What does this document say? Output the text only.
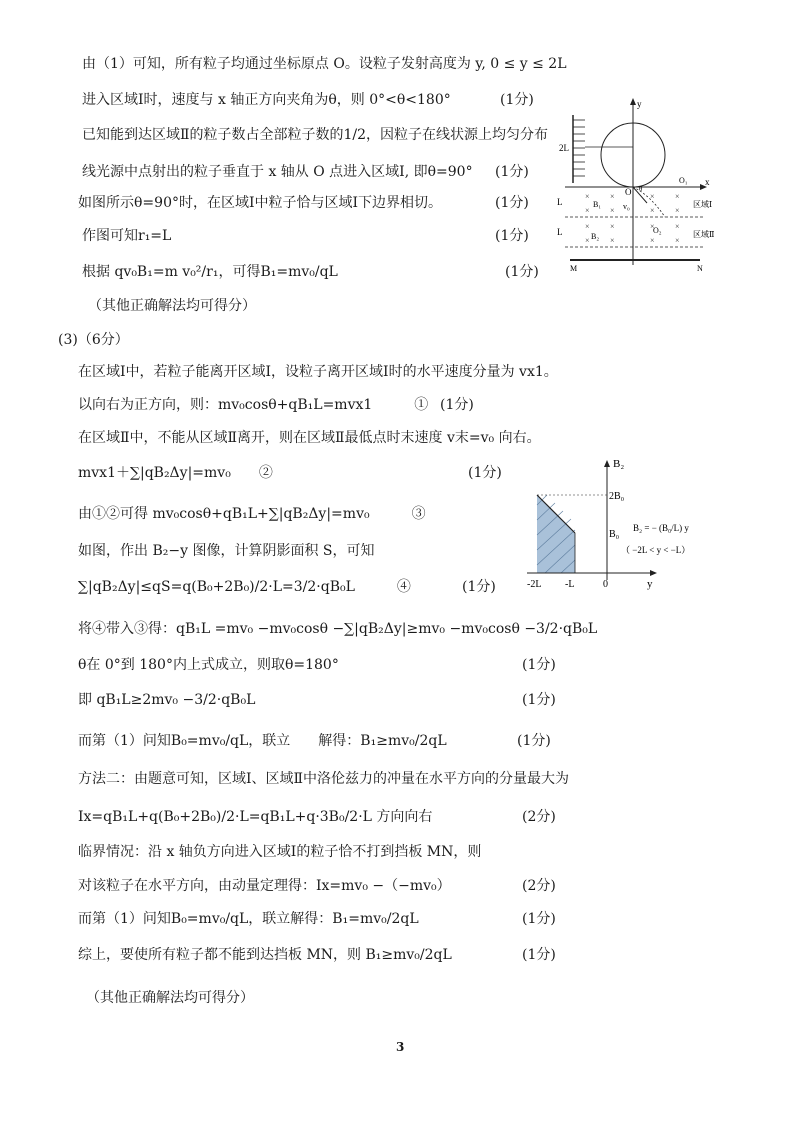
由（1）可知，所有粒子均通过坐标原点 O。设粒子发射高度为 y, 0 ≤ y ≤ 2L
进入区域Ⅰ时，速度与 x 轴正方向夹角为θ，则 0°<θ<180°	(1分)
已知能到达区域Ⅱ的粒子数占全部粒子数的1/2，因粒子在线状源上均匀分布
线光源中点射出的粒子垂直于 x 轴从 O 点进入区域Ⅰ, 即θ=90° (1分)
如图所示θ=90°时，在区域Ⅰ中粒子恰与区域Ⅰ下边界相切。	(1分)
作图可知r₁=L	(1分)
根据 qv₀B₁=m v₀²/r₁，可得B₁=mv₀/qL	(1分)
（其他正确解法均可得分）
(3)（6分）
在区域Ⅰ中，若粒子能离开区域Ⅰ，设粒子离开区域Ⅰ时的水平速度分量为 vx1。
以向右为正方向，则：mv₀cosθ+qB₁L=mvx1　　　① (1分)
在区域Ⅱ中，不能从区域Ⅱ离开，则在区域Ⅱ最低点时末速度 v末=v₀ 向右。
mvx1＋∑|qB₂Δy|=mv₀　　②	(1分)
由①②可得 mv₀cosθ+qB₁L+∑|qB₂Δy|=mv₀　　　③
如图，作出 B₂−y 图像，计算阴影面积 S，可知
∑|qB₂Δy|≤qS=q(B₀+2B₀)/2·L=3/2·qB₀L　　　④	(1分)
将④带入③得：qB₁L =mv₀ −mv₀cosθ −∑|qB₂Δy|≥mv₀ −mv₀cosθ −3/2·qB₀L
θ在 0°到 180°内上式成立，则取θ=180°	(1分)
即 qB₁L≥2mv₀ −3/2·qB₀L	(1分)
而第（1）问知B₀=mv₀/qL，联立　　解得：B₁≥mv₀/2qL	(1分)
方法二：由题意可知，区域Ⅰ、区域Ⅱ中洛伦兹力的冲量在水平方向的分量最大为
Ix=qB₁L+q(B₀+2B₀)/2·L=qB₁L+q·3B₀/2·L 方向向右	(2分)
临界情况：沿 x 轴负方向进入区域Ⅰ的粒子恰不打到挡板 MN，则
对该粒子在水平方向，由动量定理得：Ix=mv₀ −（−mv₀）	(2分)
而第（1）问知B₀=mv₀/qL，联立解得：B₁=mv₀/2qL	(1分)
综上，要使所有粒子都不能到达挡板 MN，则 B₁≥mv₀/2qL	(1分)
（其他正确解法均可得分）
y
2L
x
O
O₁
O₂
L
L
×	×	×	×
×	×	×	×
×	×	×	×
×	×	×	×
B₁
B₂
v₀
θ
区域Ⅰ
区域Ⅱ
M	N
B₂
y
2B₀
B₀
-2L -L	0
B₂ = − (B₀/L) y
（ −2L < y < −L）
3
